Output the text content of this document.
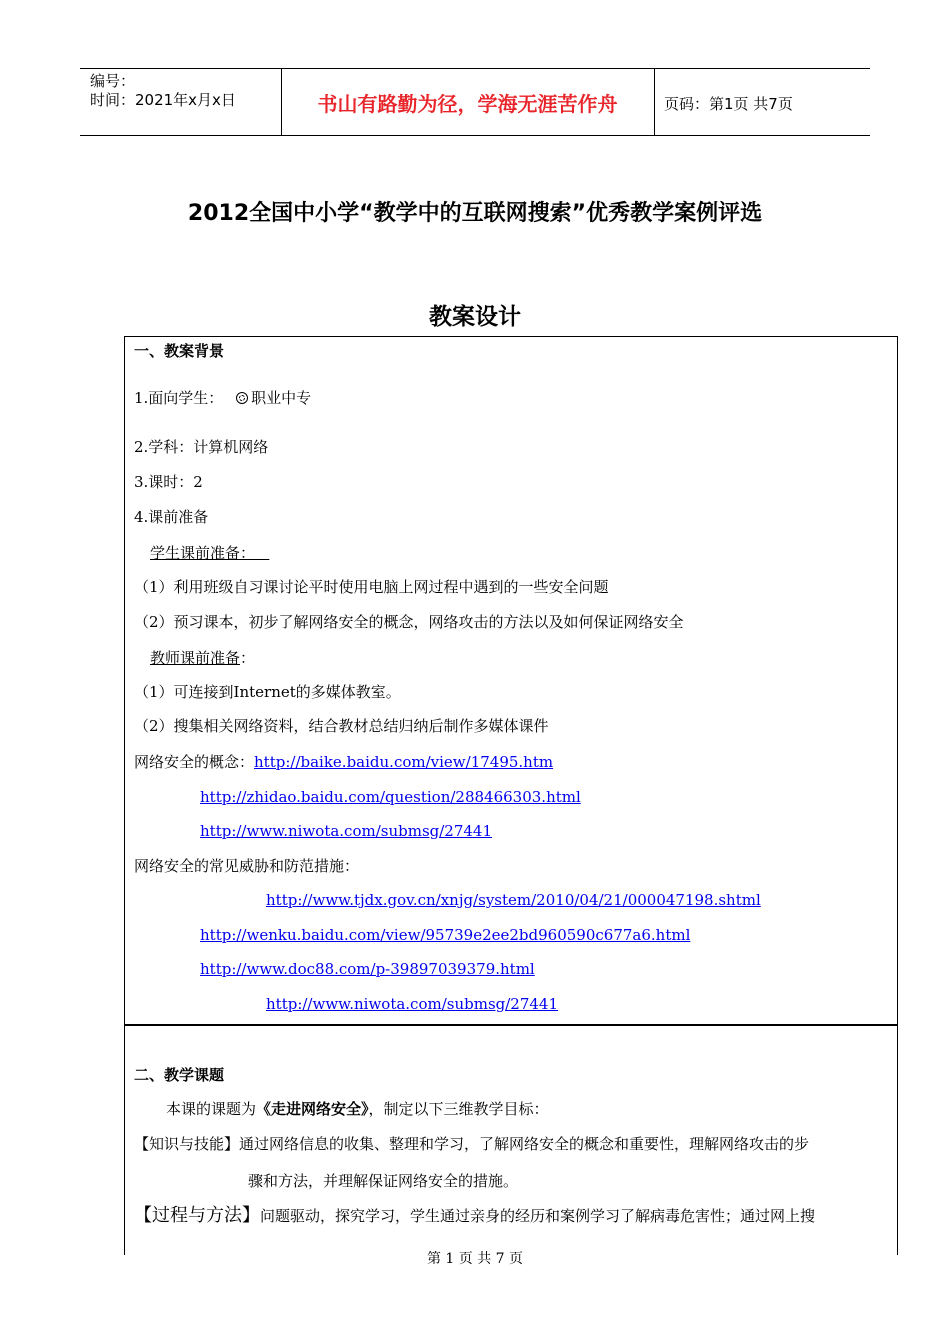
编号：
时间：2021年x月x日	书山有路勤为径，学海无涯苦作舟	页码：第1页 共7页
2012全国中小学“教学中的互联网搜索”优秀教学案例评选
教案设计
一、教案背景
1.面向学生： 职业中专
2.学科：计算机网络
3.课时：2
4.课前准备
学生课前准备：
（1）利用班级自习课讨论平时使用电脑上网过程中遇到的一些安全问题
（2）预习课本，初步了解网络安全的概念，网络攻击的方法以及如何保证网络安全
教师课前准备：
（1）可连接到Internet的多媒体教室。
（2）搜集相关网络资料，结合教材总结归纳后制作多媒体课件
网络安全的概念：http://baike.baidu.com/view/17495.htm
http://zhidao.baidu.com/question/288466303.html
http://www.niwota.com/submsg/27441
网络安全的常见威胁和防范措施：
http://www.tjdx.gov.cn/xnjg/system/2010/04/21/000047198.shtml
http://wenku.baidu.com/view/95739e2ee2bd960590c677a6.html
http://www.doc88.com/p-39897039379.html
http://www.niwota.com/submsg/27441
二、教学课题
本课的课题为《走进网络安全》，制定以下三维教学目标：
【知识与技能】通过网络信息的收集、整理和学习，了解网络安全的概念和重要性，理解网络攻击的步
骤和方法，并理解保证网络安全的措施。
【过程与方法】问题驱动，探究学习，学生通过亲身的经历和案例学习了解病毒危害性；通过网上搜
第 1 页 共 7 页
